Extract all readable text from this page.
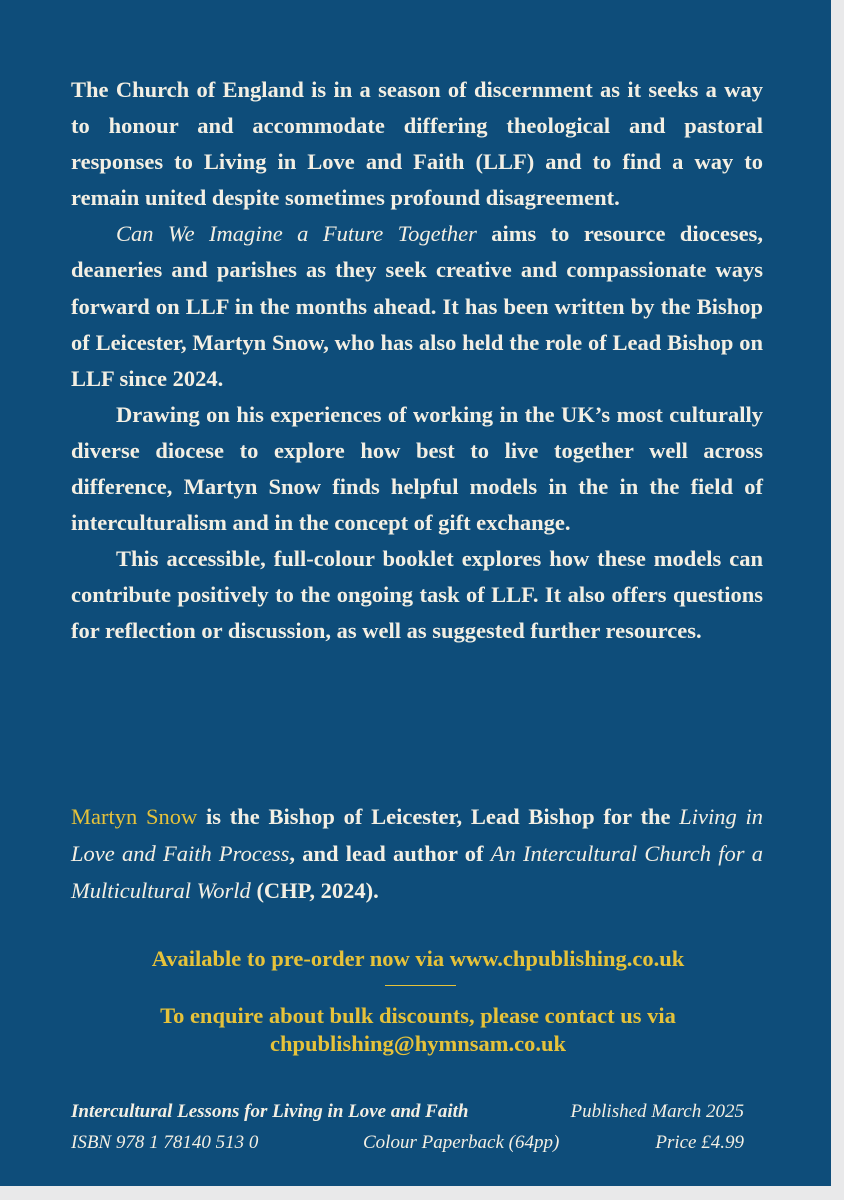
The Church of England is in a season of discernment as it seeks a way to honour and accommodate differing theological and pastoral responses to Living in Love and Faith (LLF) and to find a way to remain united despite sometimes profound disagreement.

Can We Imagine a Future Together aims to resource dioceses, deaneries and parishes as they seek creative and compassionate ways forward on LLF in the months ahead. It has been written by the Bishop of Leicester, Martyn Snow, who has also held the role of Lead Bishop on LLF since 2024.

Drawing on his experiences of working in the UK’s most culturally diverse diocese to explore how best to live together well across difference, Martyn Snow finds helpful models in the in the field of interculturalism and in the concept of gift exchange.

This accessible, full-colour booklet explores how these models can contribute positively to the ongoing task of LLF. It also offers questions for reflection or discussion, as well as suggested further resources.

Martyn Snow is the Bishop of Leicester, Lead Bishop for the Living in Love and Faith Process, and lead author of An Intercultural Church for a Multicultural World (CHP, 2024).
Available to pre-order now via www.chpublishing.co.uk
To enquire about bulk discounts, please contact us via
chpublishing@hymnsam.co.uk
Intercultural Lessons for Living in Love and Faith	Published March 2025
ISBN 978 1 78140 513 0	Colour Paperback (64pp)	Price £4.99
